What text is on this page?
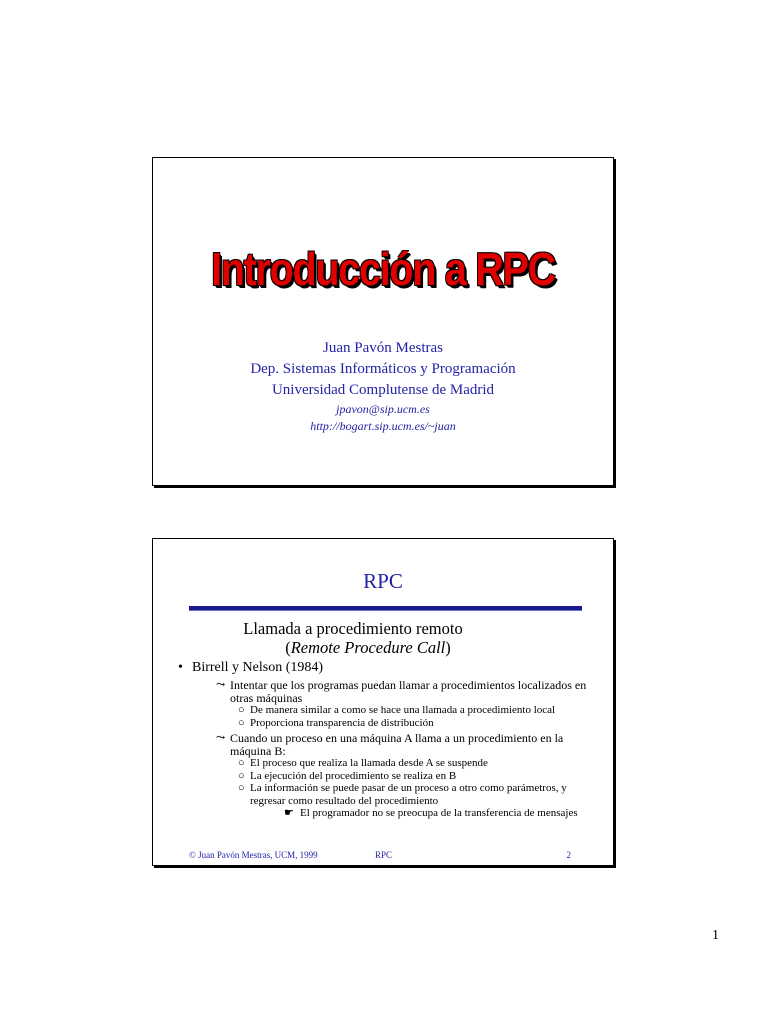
Introducción a RPC
Juan Pavón Mestras
Dep. Sistemas Informáticos y Programación
Universidad Complutense de Madrid
jpavon@sip.ucm.es
http://bogart.sip.ucm.es/~juan
RPC
Llamada a procedimiento remoto
(Remote Procedure Call)
• Birrell y Nelson (1984)
⤳ Intentar que los programas puedan llamar a procedimientos localizados en otras máquinas
○ De manera similar a como se hace una llamada a procedimiento local
○ Proporciona transparencia de distribución
⤳ Cuando un proceso en una máquina A llama a un procedimiento en la máquina B:
○ El proceso que realiza la llamada desde A se suspende
○ La ejecución del procedimiento se realiza en B
○ La información se puede pasar de un proceso a otro como parámetros, y regresar como resultado del procedimiento
☛ El programador no se preocupa de la transferencia de mensajes
© Juan Pavón Mestras, UCM, 1999	RPC	2
1
